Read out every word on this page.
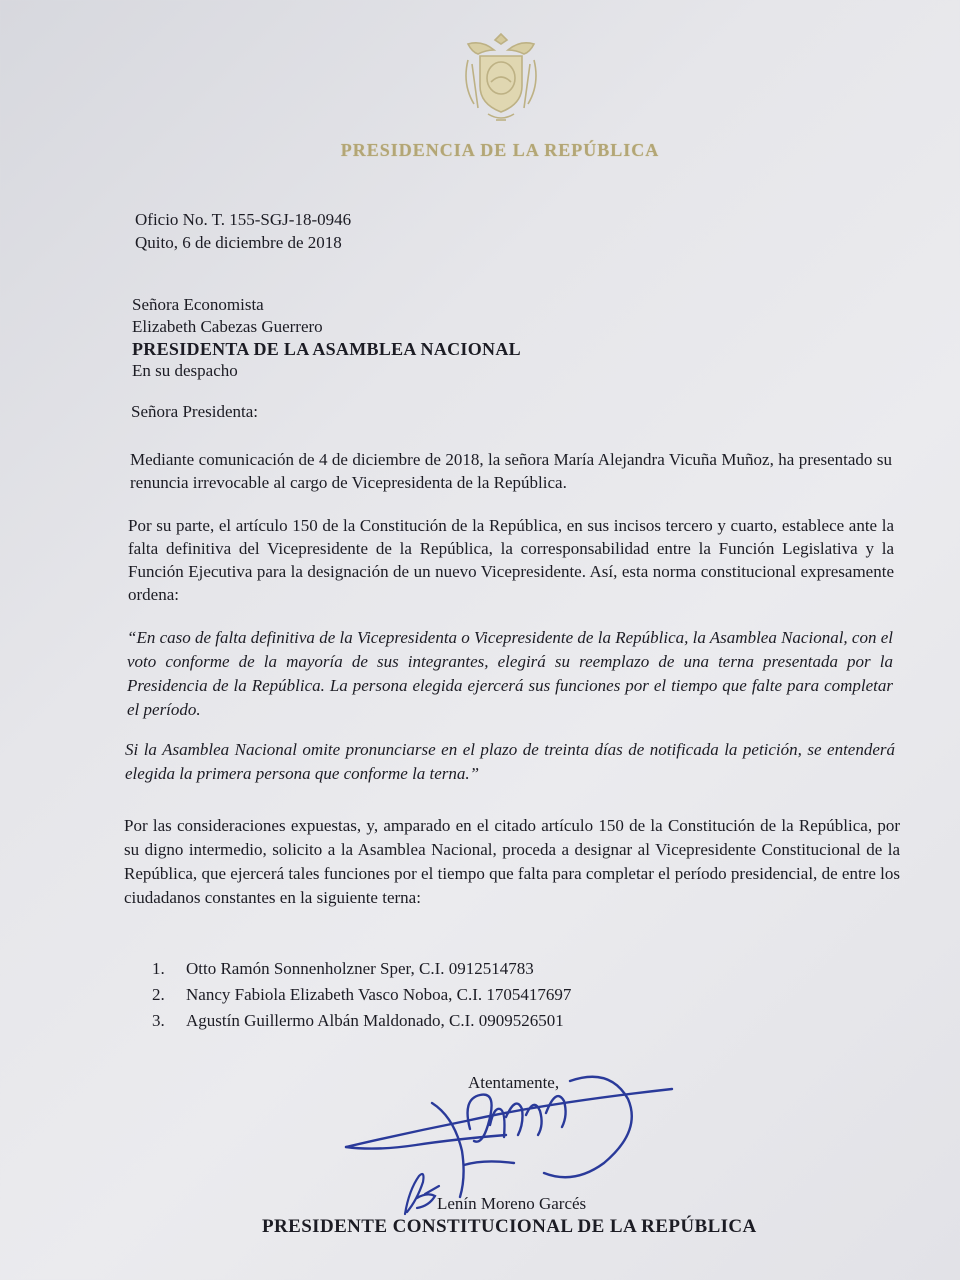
PRESIDENCIA DE LA REPÚBLICA
Oficio No. T. 155-SGJ-18-0946
Quito, 6 de diciembre de 2018
Señora Economista
Elizabeth Cabezas Guerrero
PRESIDENTA DE LA ASAMBLEA NACIONAL
En su despacho
Señora Presidenta:
Mediante comunicación de 4 de diciembre de 2018, la señora María Alejandra Vicuña Muñoz, ha presentado su renuncia irrevocable al cargo de Vicepresidenta de la República.
Por su parte, el artículo 150 de la Constitución de la República, en sus incisos tercero y cuarto, establece ante la falta definitiva del Vicepresidente de la República, la corresponsabilidad entre la Función Legislativa y la Función Ejecutiva para la designación de un nuevo Vicepresidente. Así, esta norma constitucional expresamente ordena:
“En caso de falta definitiva de la Vicepresidenta o Vicepresidente de la República, la Asamblea Nacional, con el voto conforme de la mayoría de sus integrantes, elegirá su reemplazo de una terna presentada por la Presidencia de la República. La persona elegida ejercerá sus funciones por el tiempo que falte para completar el período.
Si la Asamblea Nacional omite pronunciarse en el plazo de treinta días de notificada la petición, se entenderá elegida la primera persona que conforme la terna.”
Por las consideraciones expuestas, y, amparado en el citado artículo 150 de la Constitución de la República, por su digno intermedio, solicito a la Asamblea Nacional, proceda a designar al Vicepresidente Constitucional de la República, que ejercerá tales funciones por el tiempo que falta para completar el período presidencial, de entre los ciudadanos constantes en la siguiente terna:
1. Otto Ramón Sonnenholzner Sper, C.I. 0912514783
2. Nancy Fabiola Elizabeth Vasco Noboa, C.I. 1705417697
3. Agustín Guillermo Albán Maldonado, C.I. 0909526501
Atentamente,
Lenín Moreno Garcés
PRESIDENTE CONSTITUCIONAL DE LA REPÚBLICA
